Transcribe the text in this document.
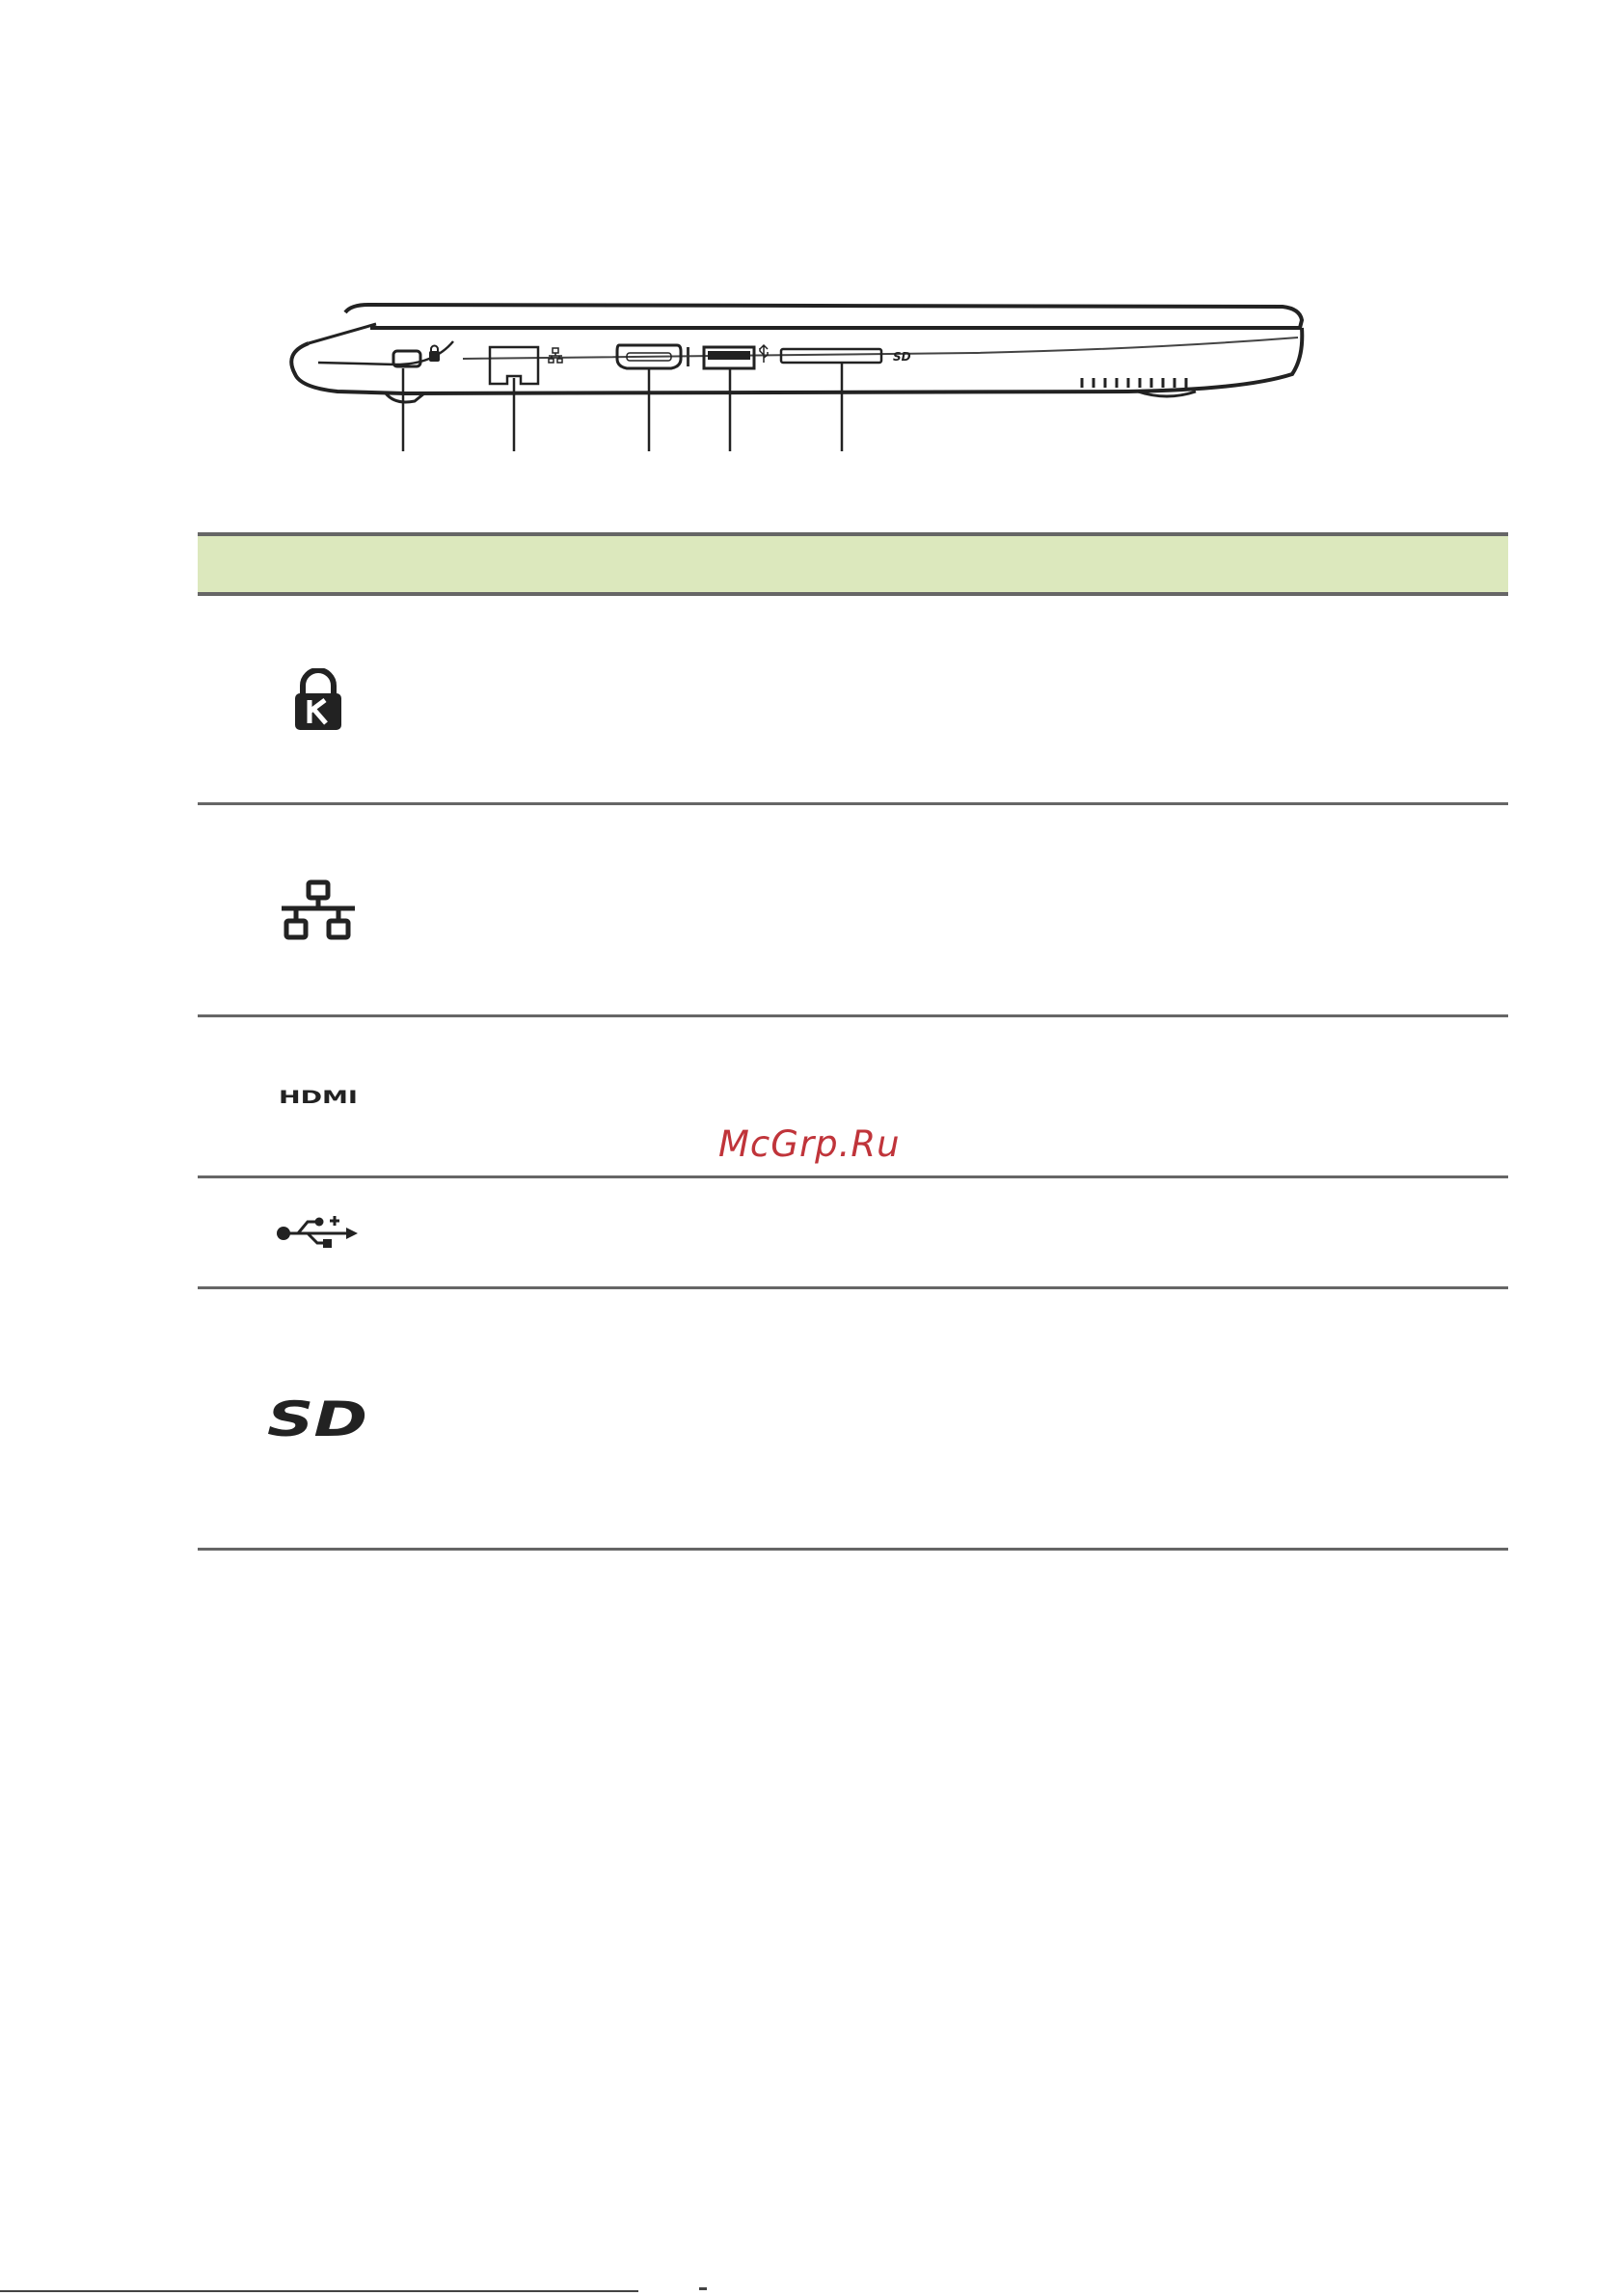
SD
HDMI
SD
McGrp.Ru
